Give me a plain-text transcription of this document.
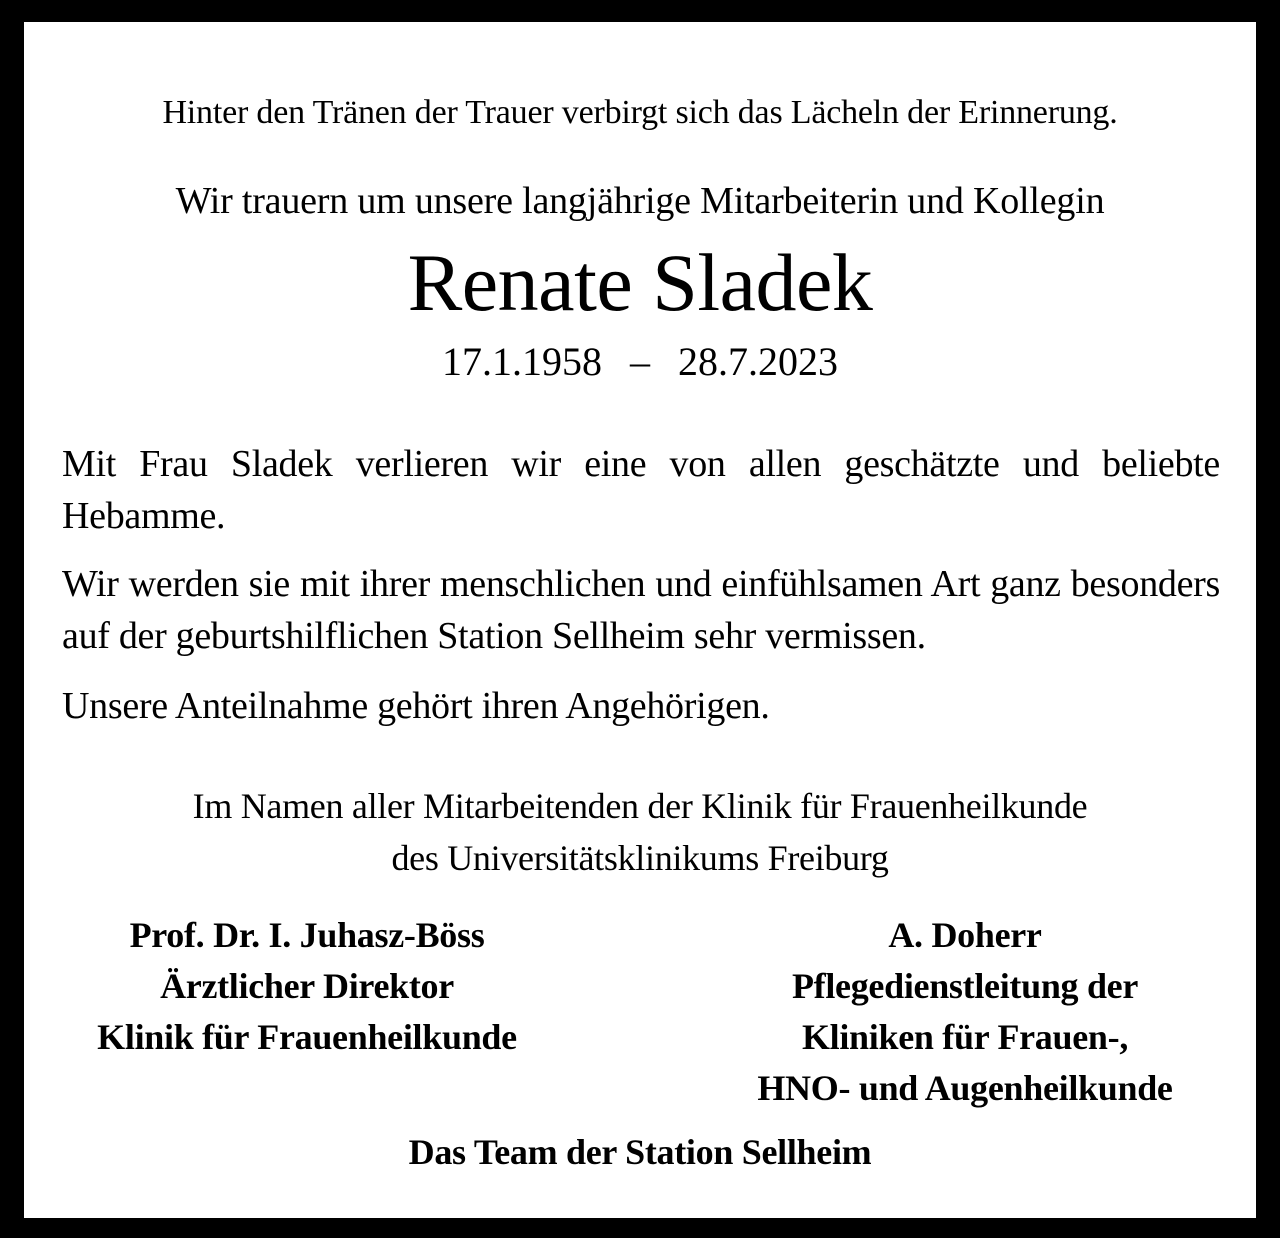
Hinter den Tränen der Trauer verbirgt sich das Lächeln der Erinnerung.
Wir trauern um unsere langjährige Mitarbeiterin und Kollegin
Renate Sladek
17.1.1958  –  28.7.2023
Mit Frau Sladek verlieren wir eine von allen geschätzte und beliebte Hebamme.
Wir werden sie mit ihrer menschlichen und einfühlsamen Art ganz besonders auf der geburtshilflichen Station Sellheim sehr vermissen.
Unsere Anteilnahme gehört ihren Angehörigen.
Im Namen aller Mitarbeitenden der Klinik für Frauenheilkunde
des Universitätsklinikums Freiburg
Prof. Dr. I. Juhasz-Böss
Ärztlicher Direktor
Klinik für Frauenheilkunde
A. Doherr
Pflegedienstleitung der
Kliniken für Frauen-,
HNO- und Augenheilkunde
Das Team der Station Sellheim
